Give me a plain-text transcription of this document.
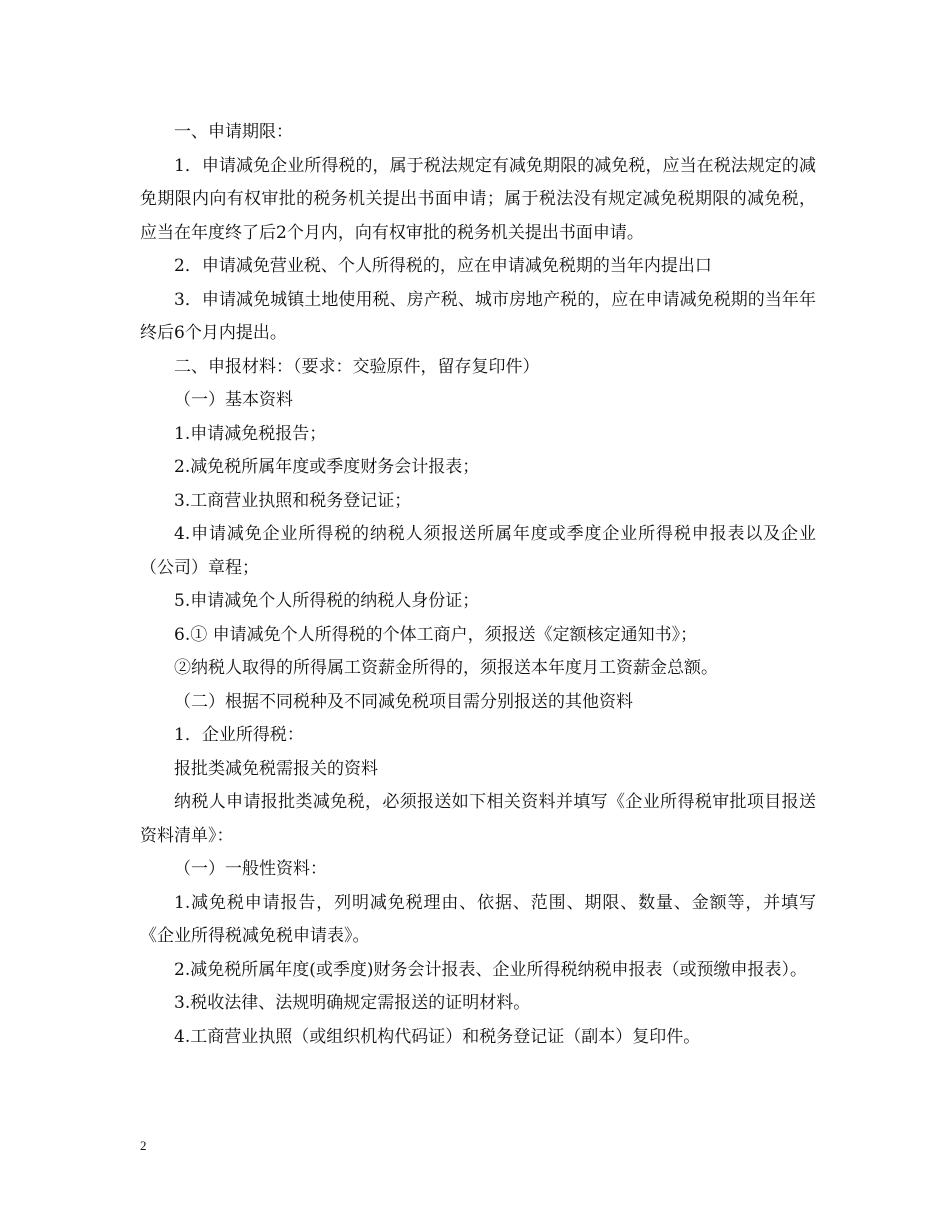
一、申请期限：

1．申请减免企业所得税的，属于税法规定有减免期限的减免税，应当在税法规定的减免期限内向有权审批的税务机关提出书面申请；属于税法没有规定减免税期限的减免税，应当在年度终了后2个月内，向有权审批的税务机关提出书面申请。

2．申请减免营业税、个人所得税的，应在申请减免税期的当年内提出口

3．申请减免城镇土地使用税、房产税、城市房地产税的，应在申请减免税期的当年年终后6个月内提出。

二、申报材料：（要求：交验原件，留存复印件）

（一）基本资料

1.申请减免税报告；

2.减免税所属年度或季度财务会计报表；

3.工商营业执照和税务登记证；

4.申请减免企业所得税的纳税人须报送所属年度或季度企业所得税申报表以及企业（公司）章程；

5.申请减免个人所得税的纳税人身份证；

6.① 申请减免个人所得税的个体工商户，须报送《定额核定通知书》；

②纳税人取得的所得属工资薪金所得的，须报送本年度月工资薪金总额。

（二）根据不同税种及不同减免税项目需分别报送的其他资料

1．企业所得税：

报批类减免税需报关的资料

纳税人申请报批类减免税，必须报送如下相关资料并填写《企业所得税审批项目报送资料清单》：

（一）一般性资料：

1.减免税申请报告，列明减免税理由、依据、范围、期限、数量、金额等，并填写《企业所得税减免税申请表》。

2.减免税所属年度(或季度)财务会计报表、企业所得税纳税申报表（或预缴申报表）。

3.税收法律、法规明确规定需报送的证明材料。

4.工商营业执照（或组织机构代码证）和税务登记证（副本）复印件。

2
